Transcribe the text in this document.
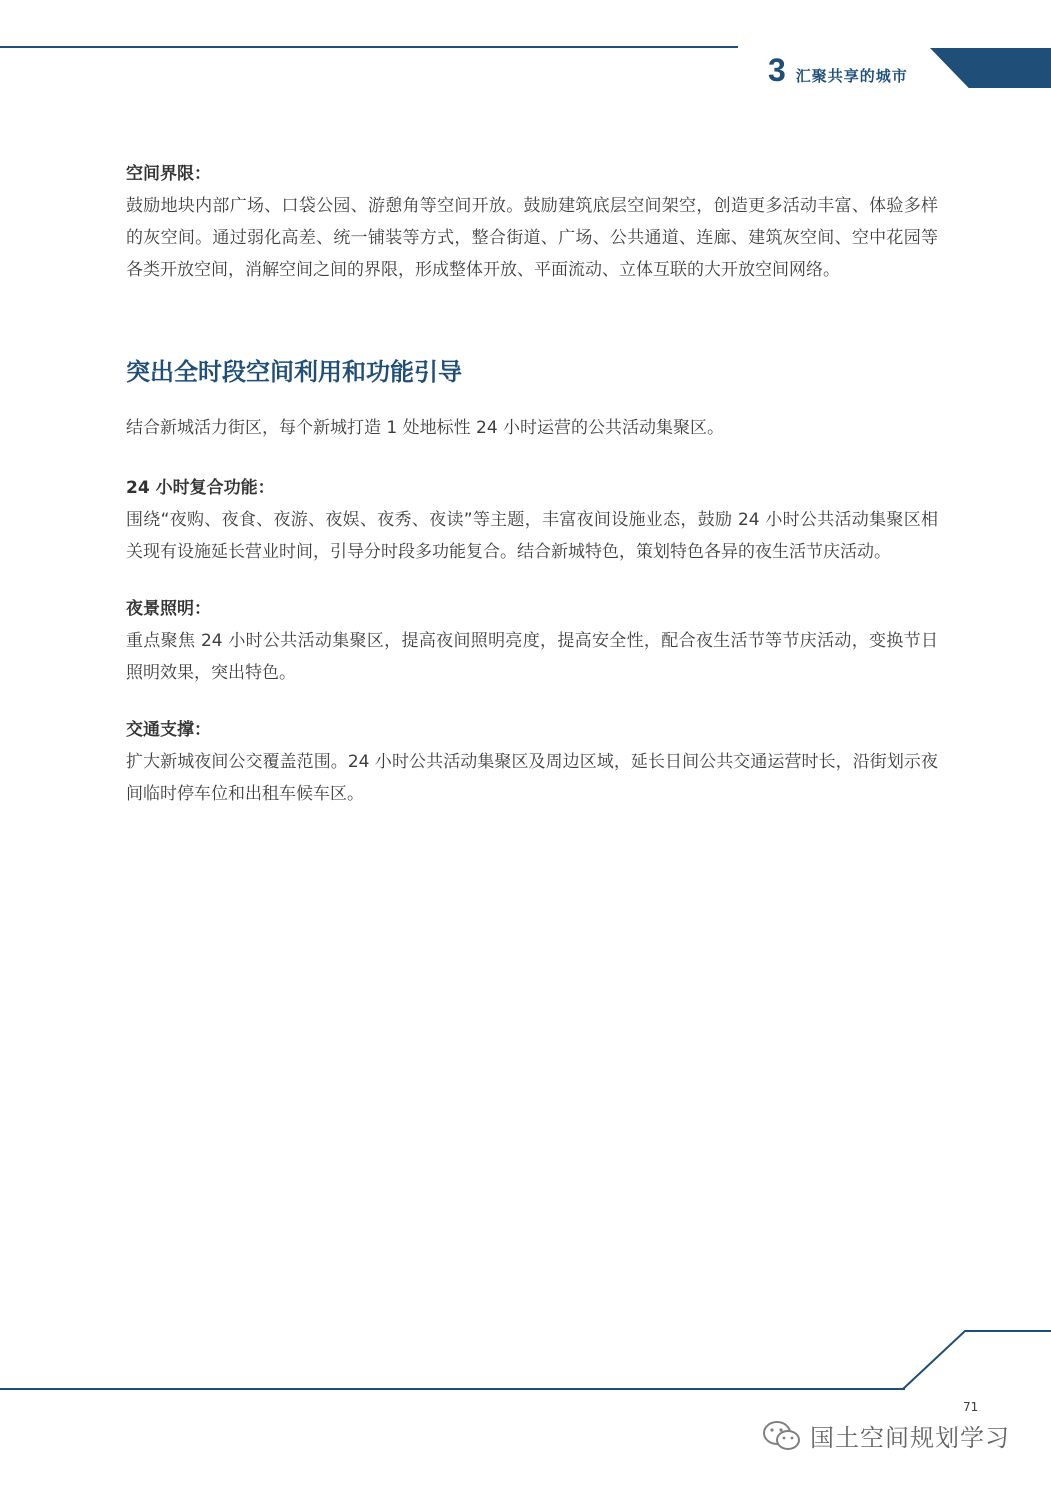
3 汇聚共享的城市
空间界限：

鼓励地块内部广场、口袋公园、游憩角等空间开放。鼓励建筑底层空间架空，创造更多活动丰富、体验多样的灰空间。通过弱化高差、统一铺装等方式，整合街道、广场、公共通道、连廊、建筑灰空间、空中花园等各类开放空间，消解空间之间的界限，形成整体开放、平面流动、立体互联的大开放空间网络。

突出全时段空间利用和功能引导

结合新城活力街区，每个新城打造 1 处地标性 24 小时运营的公共活动集聚区。

24 小时复合功能：

围绕“夜购、夜食、夜游、夜娱、夜秀、夜读”等主题，丰富夜间设施业态，鼓励 24 小时公共活动集聚区相关现有设施延长营业时间，引导分时段多功能复合。结合新城特色，策划特色各异的夜生活节庆活动。

夜景照明：

重点聚焦 24 小时公共活动集聚区，提高夜间照明亮度，提高安全性，配合夜生活节等节庆活动，变换节日照明效果，突出特色。

交通支撑：

扩大新城夜间公交覆盖范围。24 小时公共活动集聚区及周边区域，延长日间公共交通运营时长，沿街划示夜间临时停车位和出租车候车区。

71
国土空间规划学习
